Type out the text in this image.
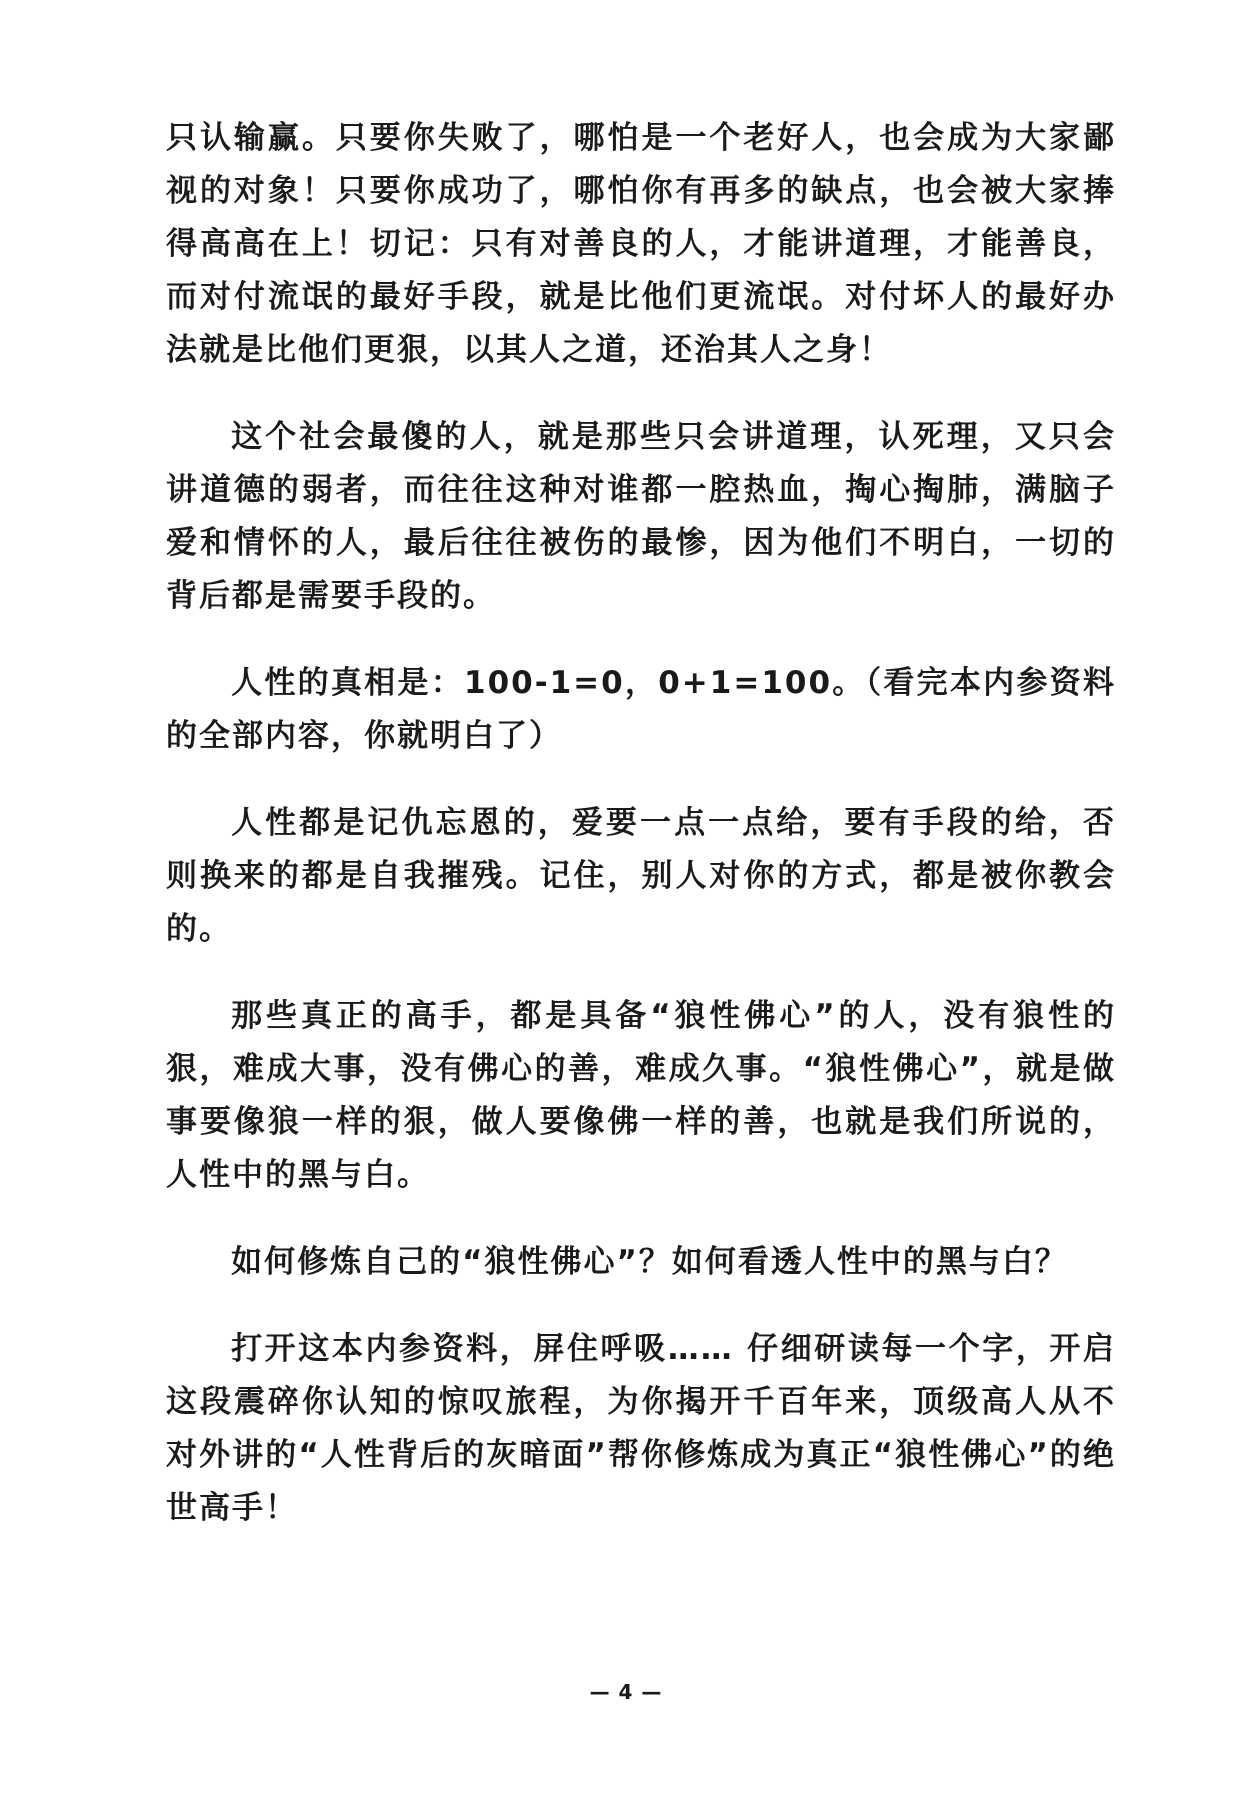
只认输赢。只要你失败了，哪怕是一个老好人，也会成为大家鄙视的对象！只要你成功了，哪怕你有再多的缺点，也会被大家捧得高高在上！切记：只有对善良的人，才能讲道理，才能善良，而对付流氓的最好手段，就是比他们更流氓。对付坏人的最好办法就是比他们更狠，以其人之道，还治其人之身！

这个社会最傻的人，就是那些只会讲道理，认死理，又只会讲道德的弱者，而往往这种对谁都一腔热血，掏心掏肺，满脑子爱和情怀的人，最后往往被伤的最惨，因为他们不明白，一切的背后都是需要手段的。

人性的真相是：100-1=0，0+1=100。（看完本内参资料的全部内容，你就明白了）

人性都是记仇忘恩的，爱要一点一点给，要有手段的给，否则换来的都是自我摧残。记住，别人对你的方式，都是被你教会的。

那些真正的高手，都是具备“狼性佛心”的人，没有狼性的狠，难成大事，没有佛心的善，难成久事。“狼性佛心”，就是做事要像狼一样的狠，做人要像佛一样的善，也就是我们所说的，人性中的黑与白。

如何修炼自己的“狼性佛心”？如何看透人性中的黑与白？

打开这本内参资料，屏住呼吸…… 仔细研读每一个字，开启这段震碎你认知的惊叹旅程，为你揭开千百年来，顶级高人从不对外讲的“人性背后的灰暗面”帮你修炼成为真正“狼性佛心”的绝世高手！

— 4 —
